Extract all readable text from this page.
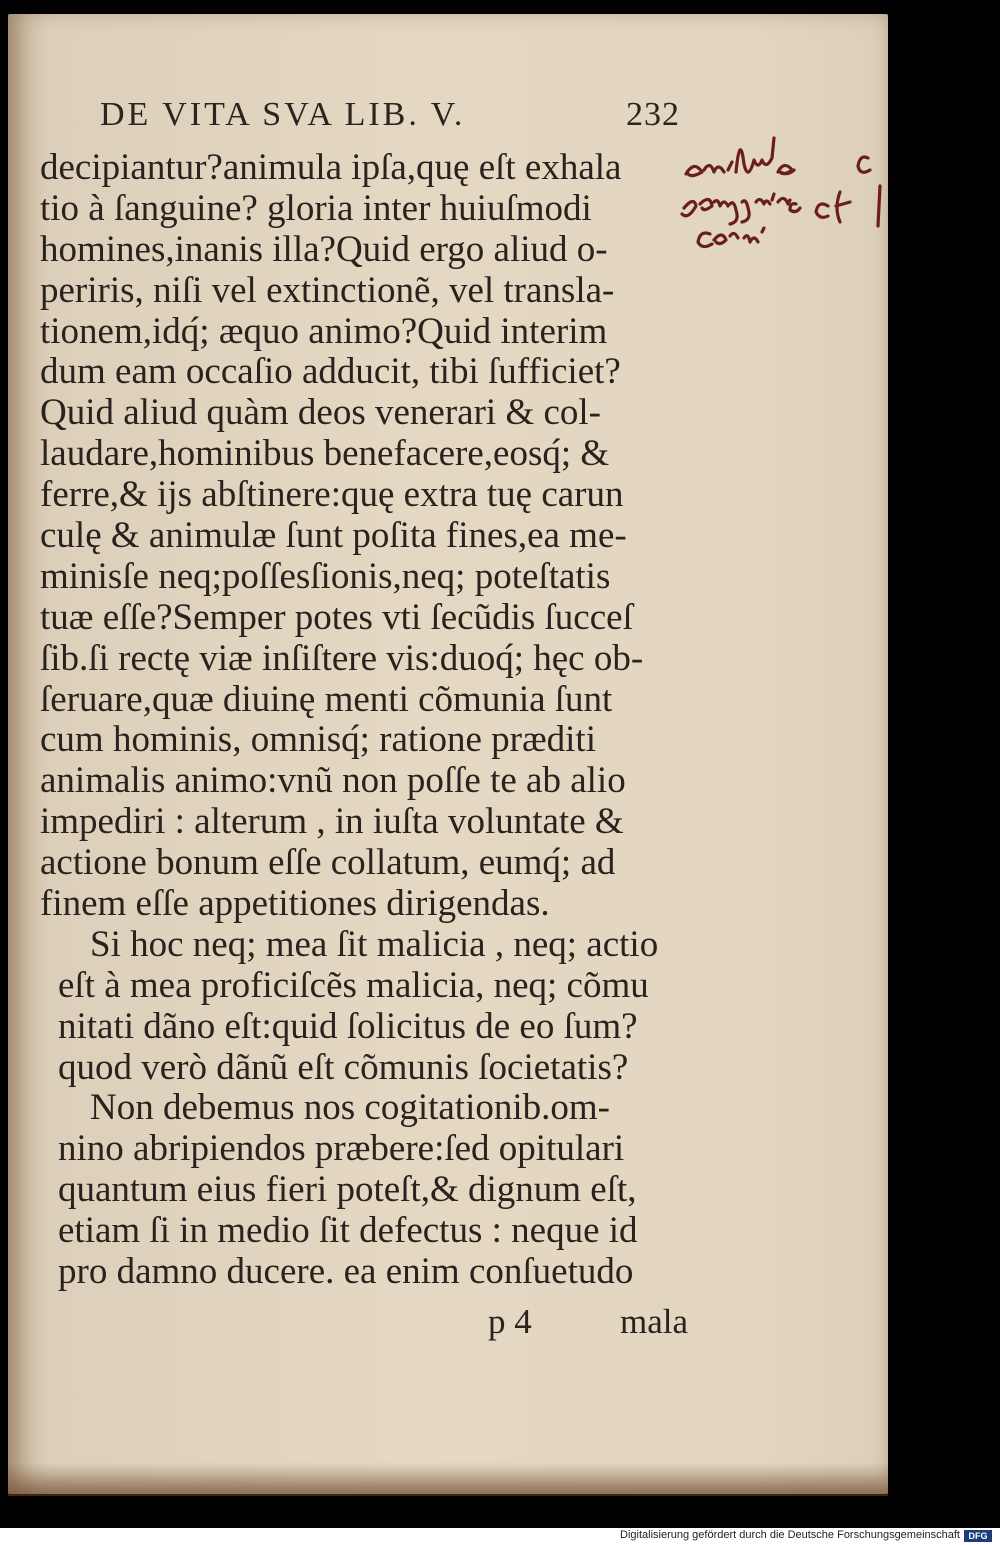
DE VITA SVA LIB. V.	232
decipiantur?animula ipſa,quę eſt exhala
tio à ſanguine? gloria inter huiuſmodi
homines,inanis illa?Quid ergo aliud o-
periris, niſi vel extinctionẽ, vel transla-
tionem,idq́; æquo animo?Quid interim
dum eam occaſio adducit, tibi ſufficiet?
Quid aliud quàm deos venerari & col-
laudare,hominibus benefacere,eosq́; &
ferre,& ijs abſtinere:quę extra tuę carun
culę & animulæ ſunt poſita fines,ea me-
minisſe neq;poſſesſionis,neq; poteſtatis
tuæ eſſe?Semper potes vti ſecũdis ſucceſ
ſib.ſi rectę viæ inſiſtere vis:duoq́; hęc ob-
ſeruare,quæ diuinę menti cõmunia ſunt
cum hominis, omnisq́; ratione præditi
animalis animo:vnũ non poſſe te ab alio
impediri : alterum , in iuſta voluntate &
actione bonum eſſe collatum, eumq́; ad
finem eſſe appetitiones dirigendas.
Si hoc neq; mea ſit malicia , neq; actio
eſt à mea proficiſcẽs malicia, neq; cõmu
nitati dãno eſt:quid ſolicitus de eo ſum?
quod verò dãnũ eſt cõmunis ſocietatis?
Non debemus nos cogitationib.om-
nino abripiendos præbere:ſed opitulari
quantum eius fieri poteſt,& dignum eſt,
etiam ſi in medio ſit defectus : neque id
pro damno ducere. ea enim conſuetudo
p 4	mala
Digitalisierung gefördert durch die Deutsche Forschungsgemeinschaft DFG
